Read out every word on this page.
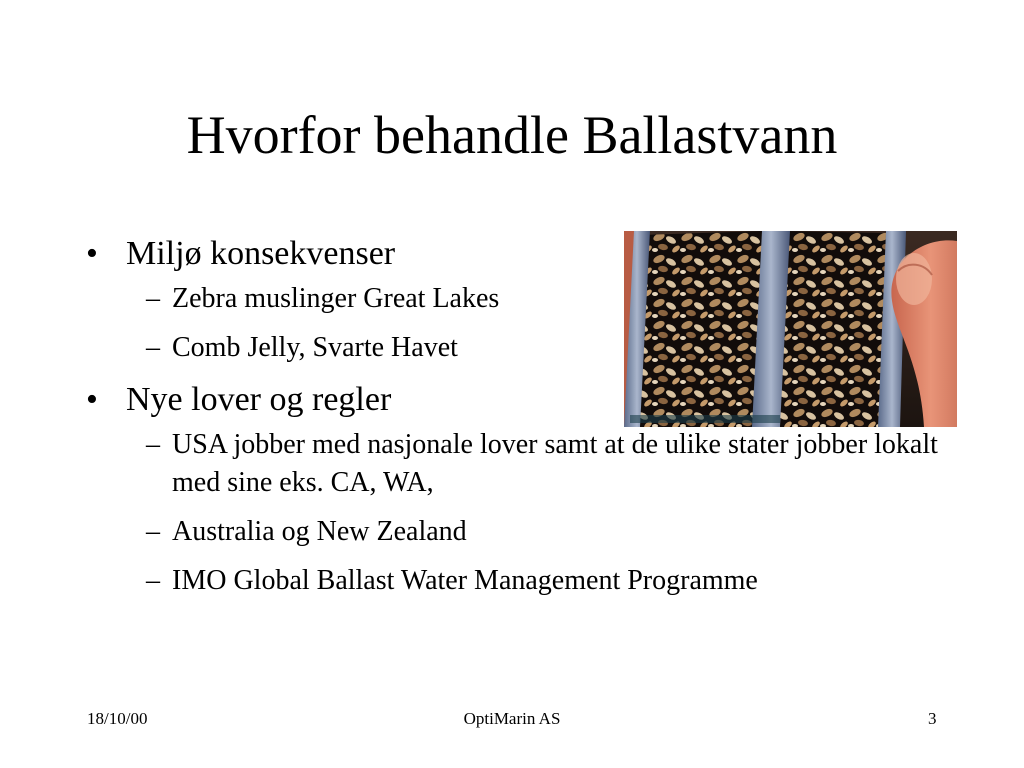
Hvorfor behandle Ballastvann
• Miljø konsekvenser
– Zebra muslinger Great Lakes
– Comb Jelly, Svarte Havet
• Nye lover og regler
– USA jobber med nasjonale lover samt at de ulike stater jobber lokalt med sine eks. CA, WA,
– Australia og New Zealand
– IMO Global Ballast Water Management Programme
18/10/00	OptiMarin AS	3
